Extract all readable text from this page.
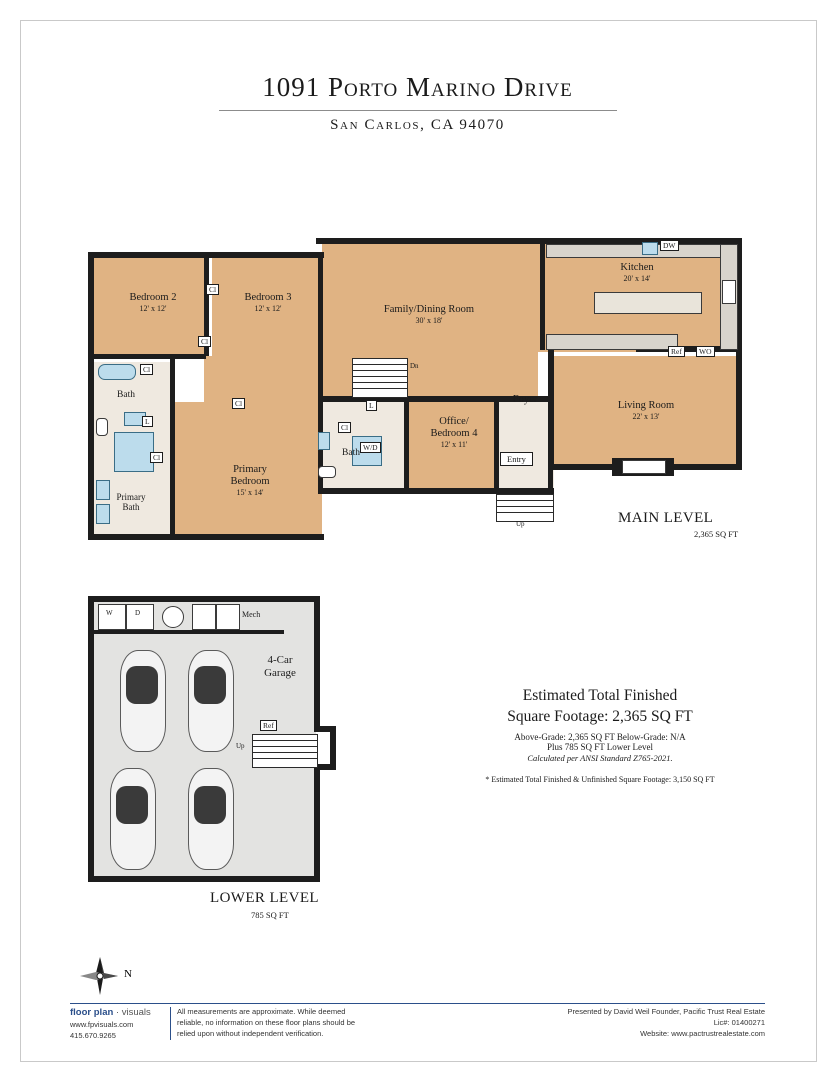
1091 Porto Marino Drive
San Carlos, CA 94070
DW
Ref	WO
Dn
Up
Entry
Cl
Cl
Cl
Cl
Cl
Cl
L
L
W/D
Bedroom 2
12' x 12'
Bedroom 3
12' x 12'	Family/Dining Room
30' x 18'
Kitchen
20' x 14'
Living Room
22' x 13'
Office/
Bedroom 4
12' x 11'
Foyer
Primary
Bedroom
15' x 14'
Primary
Bath
Bath
Bath
MAIN LEVEL
2,365 SQ FT
W	D	Mech
Ref
Up
4-Car
Garage
LOWER LEVEL
785 SQ FT
Estimated Total Finished
Square Footage: 2,365 SQ FT
Above-Grade: 2,365 SQ FT Below-Grade: N/A
Plus 785 SQ FT Lower Level
Calculated per ANSI Standard Z765-2021.
* Estimated Total Finished & Unfinished Square Footage: 3,150 SQ FT
N
floor plan · visuals
www.fpvisuals.com
415.670.9265
All measurements are approximate. While deemed reliable, no information on these floor plans should be relied upon without independent verification.
Presented by David Weil Founder, Pacific Trust Real Estate
Lic#: 01400271
Website: www.pactrustrealestate.com
